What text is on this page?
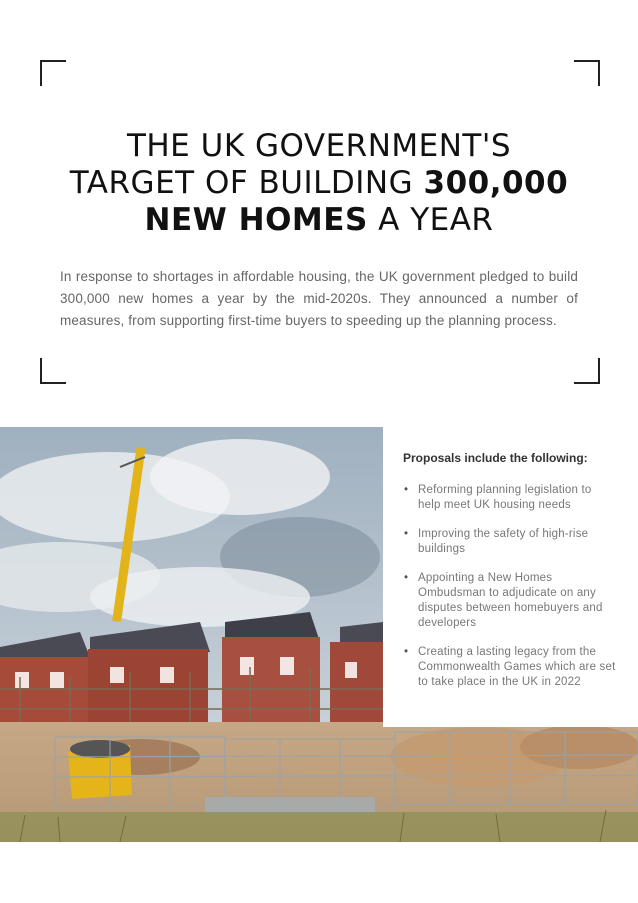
THE UK GOVERNMENT'S
TARGET OF BUILDING 300,000
NEW HOMES A YEAR

In response to shortages in affordable housing, the UK government pledged to build 300,000 new homes a year by the mid-2020s. They announced a number of measures, from supporting first-time buyers to speeding up the planning process.

Proposals include the following:
• Reforming planning legislation to help meet UK housing needs
• Improving the safety of high-rise buildings
• Appointing a New Homes Ombudsman to adjudicate on any disputes between homebuyers and developers
• Creating a lasting legacy from the Commonwealth Games which are set to take place in the UK in 2022
